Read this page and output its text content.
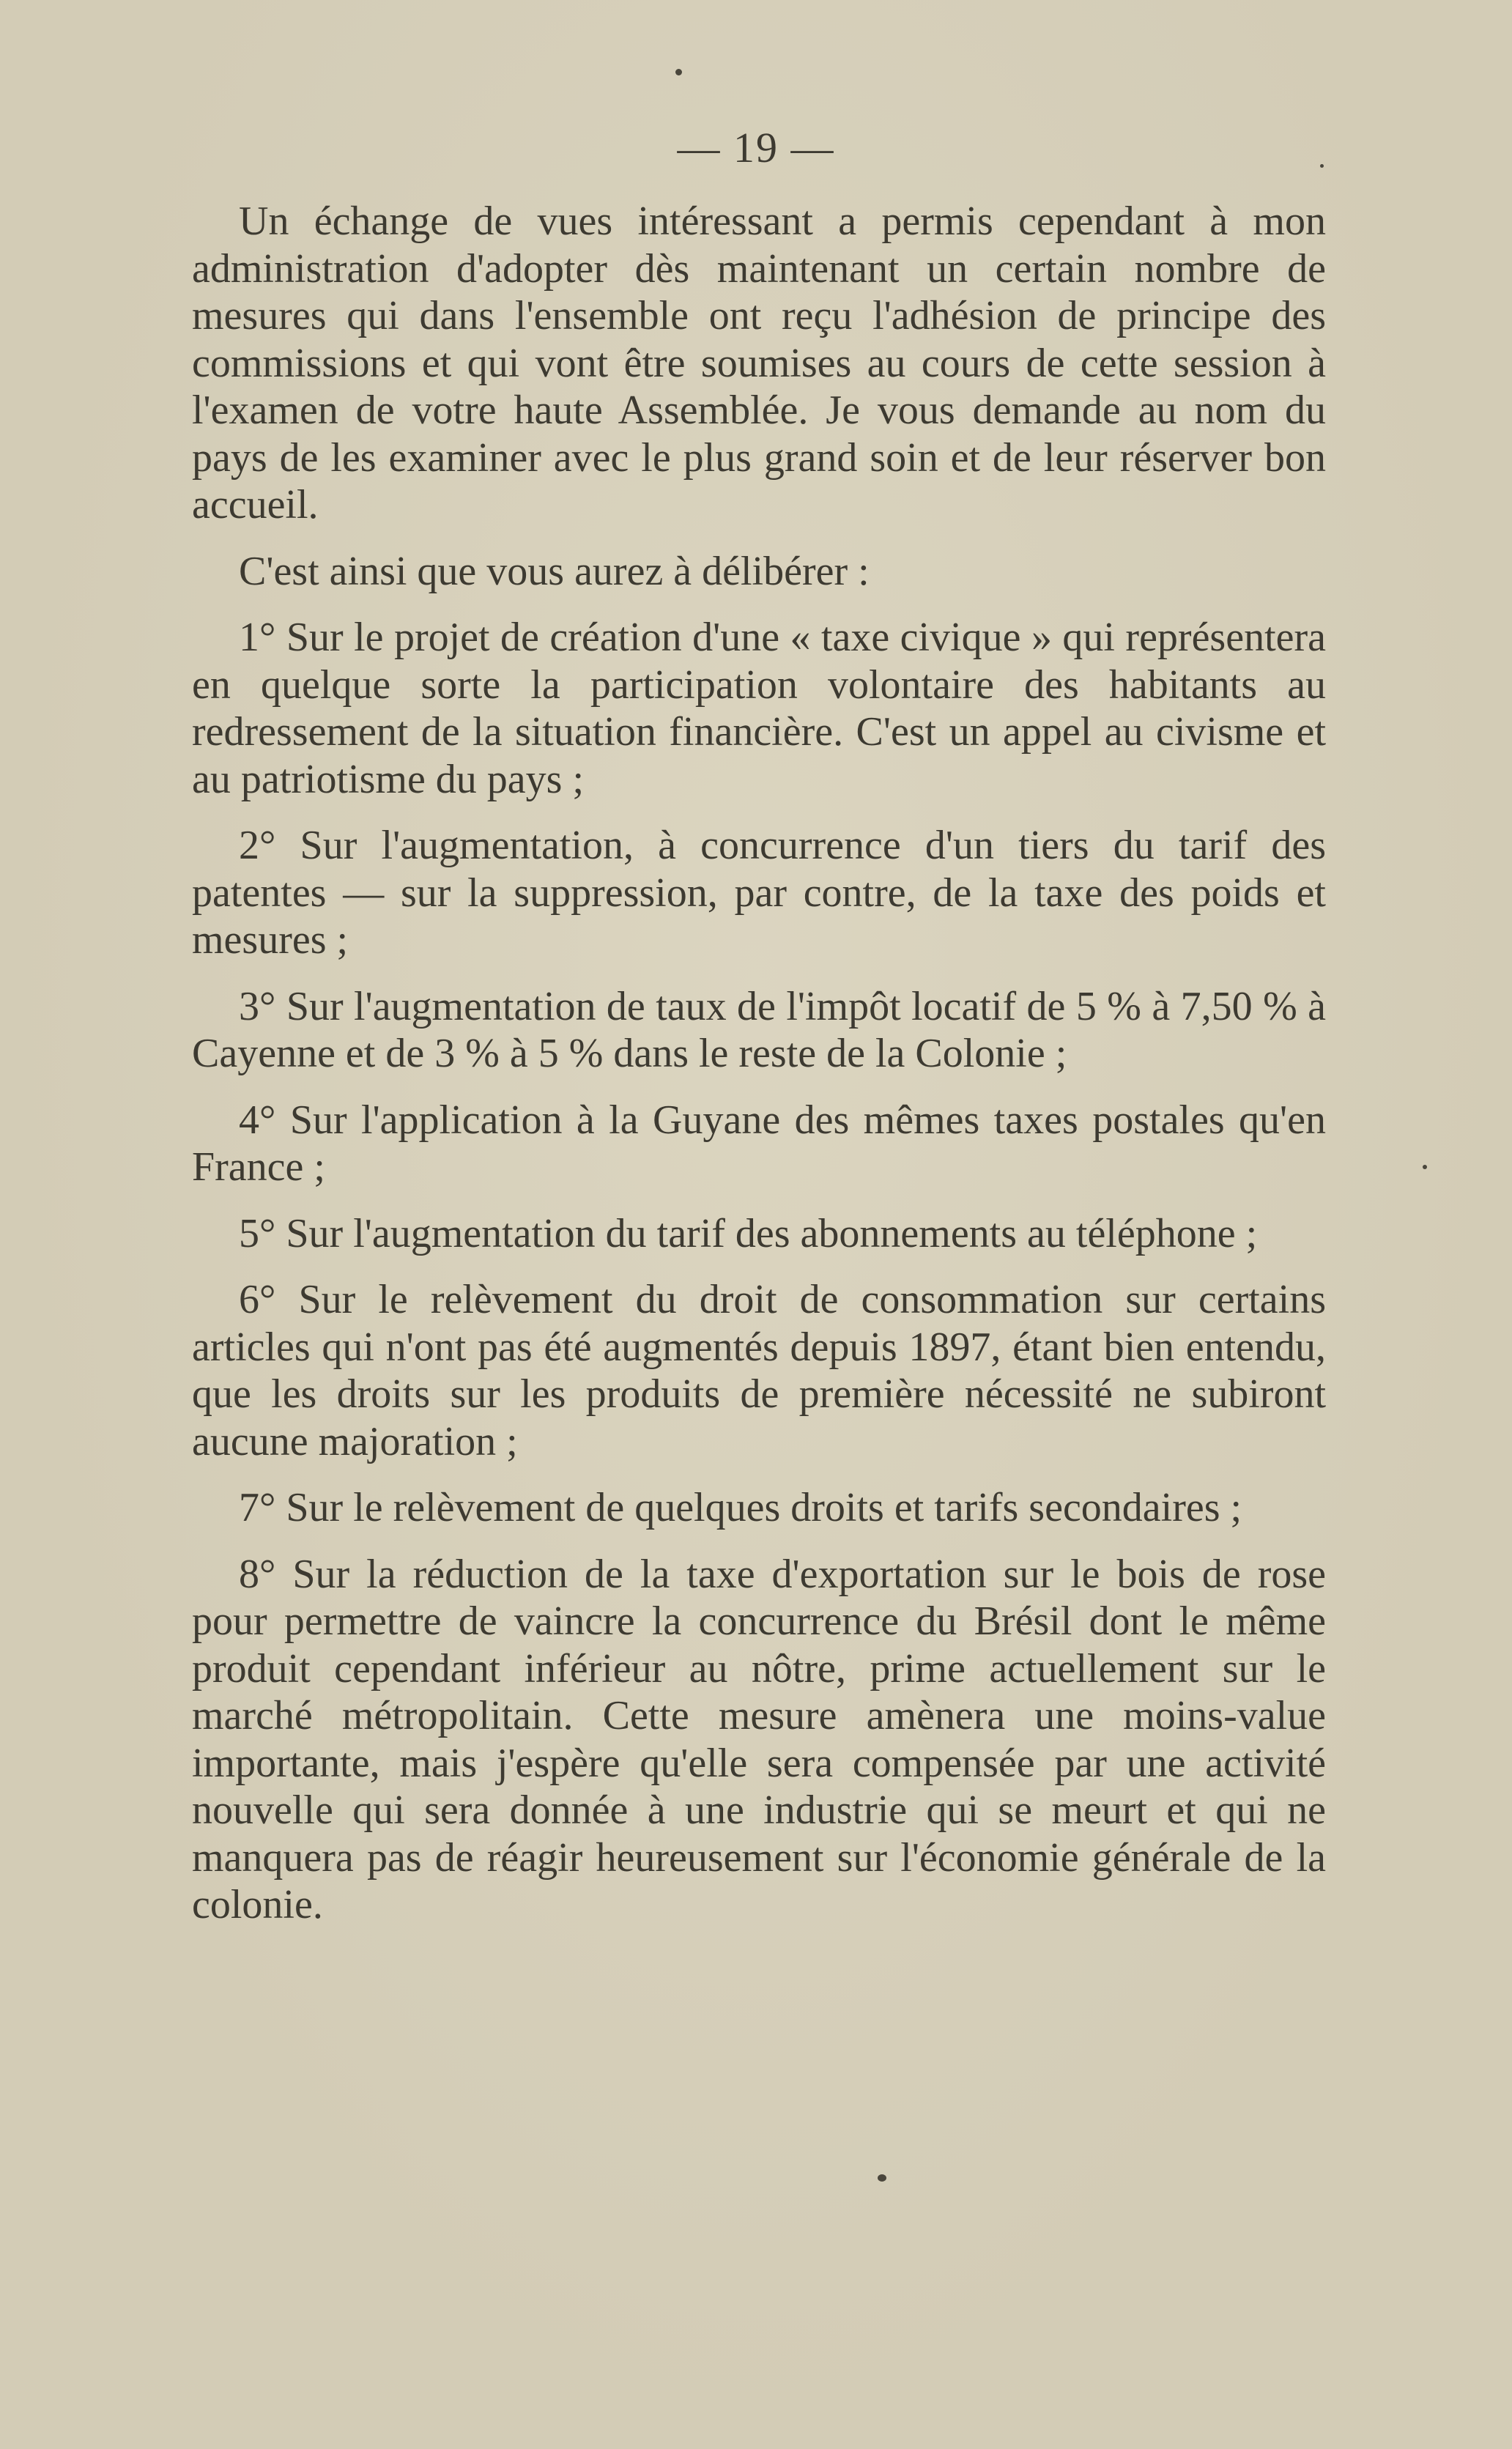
— 19 —

Un échange de vues intéressant a permis cependant à mon administration d'adopter dès maintenant un certain nombre de mesures qui dans l'ensemble ont reçu l'adhésion de principe des commissions et qui vont être soumises au cours de cette session à l'examen de votre haute Assemblée. Je vous demande au nom du pays de les examiner avec le plus grand soin et de leur réserver bon accueil.

C'est ainsi que vous aurez à délibérer :

1° Sur le projet de création d'une « taxe civique » qui représentera en quelque sorte la participation volontaire des habitants au redressement de la situation financière. C'est un appel au civisme et au patriotisme du pays ;

2° Sur l'augmentation, à concurrence d'un tiers du tarif des patentes — sur la suppression, par contre, de la taxe des poids et mesures ;

3° Sur l'augmentation de taux de l'impôt locatif de 5 % à 7,50 % à Cayenne et de 3 % à 5 % dans le reste de la Colonie ;

4° Sur l'application à la Guyane des mêmes taxes postales qu'en France ;

5° Sur l'augmentation du tarif des abonnements au téléphone ;

6° Sur le relèvement du droit de consommation sur certains articles qui n'ont pas été augmentés depuis 1897, étant bien entendu, que les droits sur les produits de première nécessité ne subiront aucune majoration ;

7° Sur le relèvement de quelques droits et tarifs secondaires ;

8° Sur la réduction de la taxe d'exportation sur le bois de rose pour permettre de vaincre la concurrence du Brésil dont le même produit cependant inférieur au nôtre, prime actuellement sur le marché métropolitain. Cette mesure amènera une moins-value importante, mais j'espère qu'elle sera compensée par une activité nouvelle qui sera donnée à une industrie qui se meurt et qui ne manquera pas de réagir heureusement sur l'économie générale de la colonie.
